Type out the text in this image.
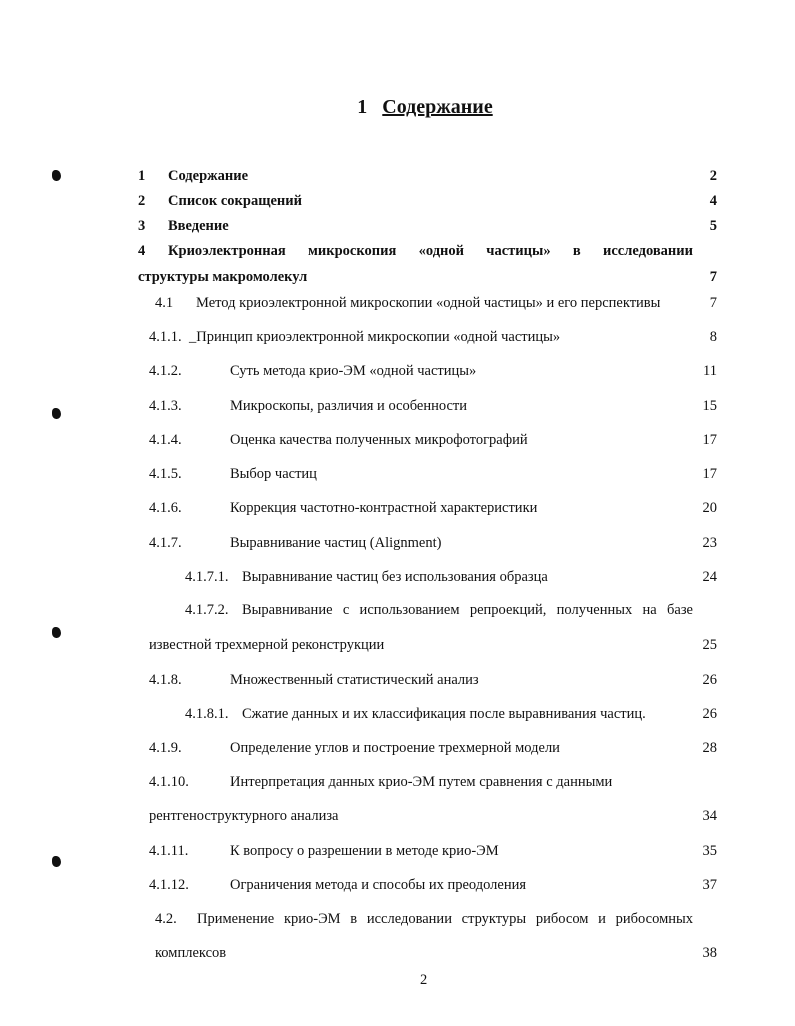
1 Содержание
2
1 Содержание	2
2 Список сокращений	4
3 Введение	5
4 Криоэлектронная микроскопия «одной частицы» в исследовании
структуры макромолекул	7
4.1 Метод криоэлектронной микроскопии «одной частицы» и его перспективы	7
4.1.1. _Принцип криоэлектронной микроскопии «одной частицы»	8
4.1.2.	Суть метода крио-ЭМ «одной частицы»	11
4.1.3.	Микроскопы, различия и особенности	15
4.1.4.	Оценка качества полученных микрофотографий	17
4.1.5.	Выбор частиц	17
4.1.6.	Коррекция частотно-контрастной характеристики	20
4.1.7.	Выравнивание частиц (Alignment)	23
4.1.7.1. Выравнивание частиц без использования образца	24
4.1.7.2. Выравнивание с использованием репроекций, полученных на базе
известной трехмерной реконструкции	25
4.1.8.	Множественный статистический анализ	26
4.1.8.1. Сжатие данных и их классификация после выравнивания частиц.	26
4.1.9.	Определение углов и построение трехмерной модели	28
4.1.10.	Интерпретация данных крио-ЭМ путем сравнения с данными
рентгеноструктурного анализа	34
4.1.11.	К вопросу о разрешении в методе крио-ЭМ	35
4.1.12.	Ограничения метода и способы их преодоления	37
4.2. Применение крио-ЭМ в исследовании структуры рибосом и рибосомных
комплексов	38
